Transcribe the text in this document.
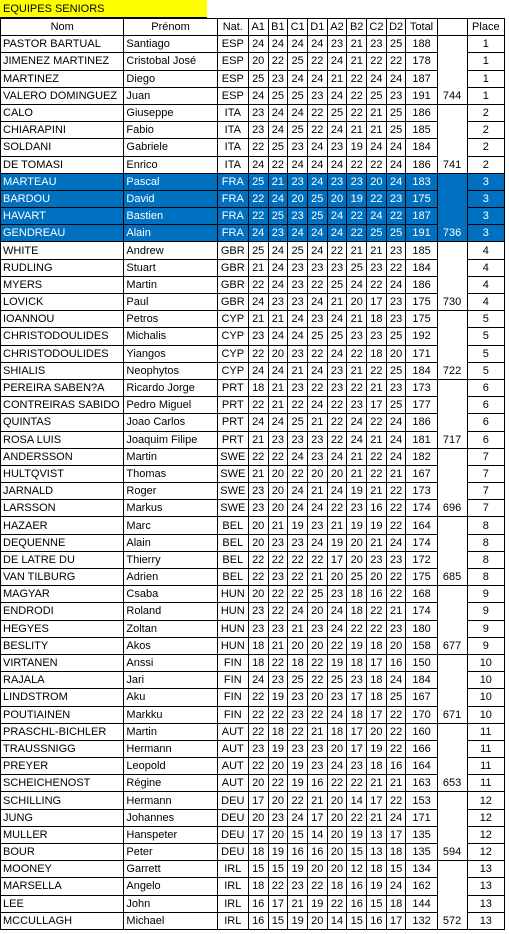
EQUIPES SENIORS
Nom	Prénom	Nat.	A1	B1	C1	D1	A2	B2	C2	D2	Total		Place
PASTOR BARTUAL	Santiago	ESP	24	24	24	24	23	21	23	25	188		1
JIMENEZ MARTINEZ	Cristobal José	ESP	20	22	25	22	24	21	22	22	178		1
MARTINEZ	Diego	ESP	25	23	24	24	21	22	24	24	187		1
VALERO DOMINGUEZ	Juan	ESP	24	25	25	23	24	22	25	23	191	744	1
CALO	Giuseppe	ITA	23	24	24	22	25	22	21	25	186		2
CHIARAPINI	Fabio	ITA	23	24	25	22	24	21	21	25	185		2
SOLDANI	Gabriele	ITA	22	25	23	24	23	19	24	24	184		2
DE TOMASI	Enrico	ITA	24	22	24	24	24	22	22	24	186	741	2
MARTEAU	Pascal	FRA	25	21	23	24	23	23	20	24	183		3
BARDOU	David	FRA	22	24	20	25	20	19	22	23	175		3
HAVART	Bastien	FRA	22	25	23	25	24	22	24	22	187		3
GENDREAU	Alain	FRA	24	23	24	24	24	22	25	25	191	736	3
WHITE	Andrew	GBR	25	24	25	24	22	21	21	23	185		4
RUDLING	Stuart	GBR	21	24	23	23	23	25	23	22	184		4
MYERS	Martin	GBR	22	24	23	22	25	24	22	24	186		4
LOVICK	Paul	GBR	24	23	23	24	21	20	17	23	175	730	4
IOANNOU	Petros	CYP	21	21	24	23	24	21	18	23	175		5
CHRISTODOULIDES	Michalis	CYP	23	24	24	25	25	23	23	25	192		5
CHRISTODOULIDES	Yiangos	CYP	22	20	23	22	24	22	18	20	171		5
SHIALIS	Neophytos	CYP	24	24	21	24	23	21	22	25	184	722	5
PEREIRA SABEN?A	Ricardo Jorge	PRT	18	21	23	22	23	22	21	23	173		6
CONTREIRAS SABIDO	Pedro Miguel	PRT	22	21	22	24	22	23	17	25	177		6
QUINTAS	Joao Carlos	PRT	24	24	25	21	22	24	22	24	186		6
ROSA LUIS	Joaquim Filipe	PRT	21	23	23	23	22	24	21	24	181	717	6
ANDERSSON	Martin	SWE	22	22	24	23	24	21	22	24	182		7
HULTQVIST	Thomas	SWE	21	20	22	20	20	21	22	21	167		7
JARNALD	Roger	SWE	23	20	24	21	24	19	21	22	173		7
LARSSON	Markus	SWE	23	20	24	24	22	23	16	22	174	696	7
HAZAER	Marc	BEL	20	21	19	23	21	19	19	22	164		8
DEQUENNE	Alain	BEL	20	23	23	24	19	20	21	24	174		8
DE LATRE DU	Thierry	BEL	22	22	22	22	17	20	23	23	172		8
VAN TILBURG	Adrien	BEL	22	23	22	21	20	25	20	22	175	685	8
MAGYAR	Csaba	HUN	20	22	22	25	23	18	16	22	168		9
ENDRODI	Roland	HUN	23	22	24	20	24	18	22	21	174		9
HEGYES	Zoltan	HUN	23	23	21	23	24	22	22	23	180		9
BESLITY	Akos	HUN	18	21	20	20	22	19	18	20	158	677	9
VIRTANEN	Anssi	FIN	18	22	18	22	19	18	17	16	150		10
RAJALA	Jari	FIN	24	23	25	22	25	23	18	24	184		10
LINDSTROM	Aku	FIN	22	19	23	20	23	17	18	25	167		10
POUTIAINEN	Markku	FIN	22	22	23	22	24	18	17	22	170	671	10
PRASCHL-BICHLER	Martin	AUT	22	18	22	21	18	17	20	22	160		11
TRAUSSNIGG	Hermann	AUT	23	19	23	23	20	17	19	22	166		11
PREYER	Leopold	AUT	22	20	19	23	24	23	18	16	164		11
SCHEICHENOST	Régine	AUT	20	22	19	16	22	22	21	21	163	653	11
SCHILLING	Hermann	DEU	17	20	22	21	20	14	17	22	153		12
JUNG	Johannes	DEU	20	23	24	17	20	22	21	24	171		12
MULLER	Hanspeter	DEU	17	20	15	14	20	19	13	17	135		12
BOUR	Peter	DEU	18	19	16	16	20	15	13	18	135	594	12
MOONEY	Garrett	IRL	15	15	19	20	20	12	18	15	134		13
MARSELLA	Angelo	IRL	18	22	23	22	18	16	19	24	162		13
LEE	John	IRL	16	17	21	19	22	16	15	18	144		13
MCCULLAGH	Michael	IRL	16	15	19	20	14	15	16	17	132	572	13
